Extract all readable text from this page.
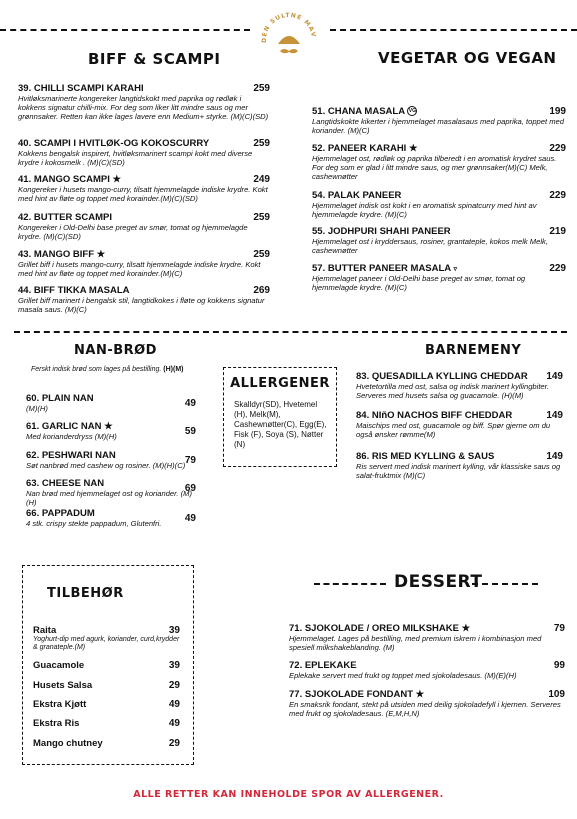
DEN SULTNE MAV
BIFF & SCAMPI
39. CHILLI SCAMPI KARAHI	259
Hvitløksmarinerte kongereker langtidskokt med paprika og rødløk i kokkens signatur chilli-mix. For deg som liker litt mindre saus og mer grønnsaker. Retten kan ikke lages lavere enn Medium+ styrke. (M)(C)(SD)
40. SCAMPI I HVITLØK-OG KOKOSCURRY	259
Kokkens bengalsk inspirert, hvitløksmarinert scampi kokt med diverse krydre i kokosmelk . (M)(C)(SD)
41. MANGO SCAMPI ★	249
Kongereker i husets mango-curry, tilsatt hjemmelagde indiske krydre. Kokt med hint av fløte og toppet med korainder.(M)(C)(SD)
42. BUTTER SCAMPI	259
Kongereker i Old-Delhi base preget av smør, tomat og hjemmelagde krydre. (M)(C)(SD)
43. MANGO BIFF ★	259
Grillet biff i husets mango-curry, tilsatt hjemmelagde indiske krydre. Kokt med hint av fløte og toppet med korainder.(M)(C)
44. BIFF TIKKA MASALA	269
Grillet biff marinert i bengalsk stil, langtidkokes i fløte og kokkens signatur masala saus. (M)(C)
VEGETAR OG VEGAN
51. CHANA MASALA VG	199
Langtidskokte kikerter i hjemmelaget masalasaus med paprika, toppet med koriander. (M)(C)
52. PANEER KARAHI ★	229
Hjemmelaget ost, rødløk og paprika tilberedt i en aromatisk krydret saus. For deg som er glad i litt mindre saus, og mer grønnsaker(M)(C) Melk, cashewnøtter
54. PALAK PANEER	229
Hjemmelaget indisk ost kokt i en aromatisk spinatcurry med hint av hjemmelagde krydre. (M)(C)
55. JODHPURI SHAHI PANEER	219
Hjemmelaget ost i kryddersaus, rosiner, grantateple, kokos melk Melk, cashewnøtter
57. BUTTER PANEER MASALA ▿	229
Hjemmelaget paneer i Old-Delhi base preget av smør, tomat og hjemmelagde krydre. (M)(C)
NAN-BRØD
Ferskt indisk brød som lages på bestilling. (H)(M)
60. PLAIN NAN	49
(M)(H)
61. GARLIC NAN ★	59
Med korianderdryss (M)(H)
62. PESHWARI NAN	79
Søt nanbrød med cashew og rosiner. (M)(H)(C)
63. CHEESE NAN	69
Nan brød med hjemmelaget ost og koriander. (M)(H)
66. PAPPADUM	49
4 stk. crispy stekte pappadum, Glutenfri.
ALLERGENER
Skalldyr(SD), Hvetemel (H), Melk(M), Cashewnøtter(C), Egg(E), Fisk (F), Soya (S), Nøtter (N)
BARNEMENY
83. QUESADILLA KYLLING CHEDDAR	149
Hvetetortilla med ost, salsa og indisk marinert kyllingbiter. Serveres med husets salsa og guacamole. (H)(M)
84. NIñO NACHOS BIFF CHEDDAR	149
Maischips med ost, guacamole og biff. Spør gjerne om du også ønsker rømme(M)
86. RIS MED KYLLING & SAUS	149
Ris servert med indisk marinert kylling, vår klassiske saus og salat-fruktmix (M)(C)
TILBEHØR
Raita	39
Yoghurt-dip med agurk, koriander, curd,krydder & granateple.(M)
Guacamole	39
Husets Salsa	29
Ekstra Kjøtt	49
Ekstra Ris	49
Mango chutney	29
DESSERT
71. SJOKOLADE / OREO MILKSHAKE ★	79
Hjemmelaget. Lages på bestilling, med premium iskrem i kombinasjon med spesiell milkshakeblanding. (M)
72. EPLEKAKE	99
Eplekake servert med frukt og toppet med sjokoladesaus. (M)(E)(H)
77. SJOKOLADE FONDANT ★	109
En smaksrik fondant, stekt på utsiden med deilig sjokoladefyll i kjernen. Serveres med frukt og sjokoladesaus. (E,M,H,N)
ALLE RETTER KAN INNEHOLDE SPOR AV ALLERGENER.
